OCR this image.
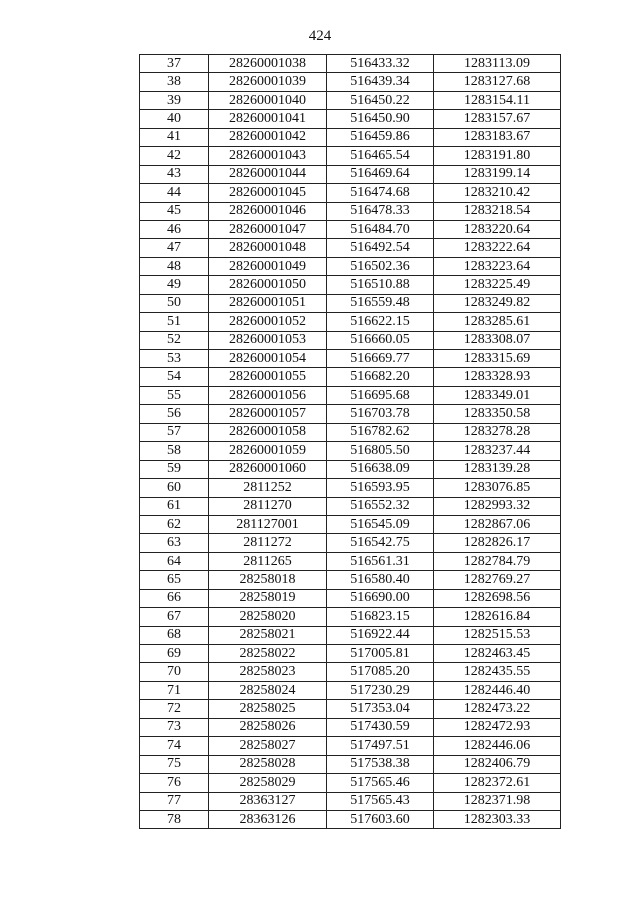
424
37	28260001038	516433.32	1283113.09
38	28260001039	516439.34	1283127.68
39	28260001040	516450.22	1283154.11
40	28260001041	516450.90	1283157.67
41	28260001042	516459.86	1283183.67
42	28260001043	516465.54	1283191.80
43	28260001044	516469.64	1283199.14
44	28260001045	516474.68	1283210.42
45	28260001046	516478.33	1283218.54
46	28260001047	516484.70	1283220.64
47	28260001048	516492.54	1283222.64
48	28260001049	516502.36	1283223.64
49	28260001050	516510.88	1283225.49
50	28260001051	516559.48	1283249.82
51	28260001052	516622.15	1283285.61
52	28260001053	516660.05	1283308.07
53	28260001054	516669.77	1283315.69
54	28260001055	516682.20	1283328.93
55	28260001056	516695.68	1283349.01
56	28260001057	516703.78	1283350.58
57	28260001058	516782.62	1283278.28
58	28260001059	516805.50	1283237.44
59	28260001060	516638.09	1283139.28
60	2811252	516593.95	1283076.85
61	2811270	516552.32	1282993.32
62	281127001	516545.09	1282867.06
63	2811272	516542.75	1282826.17
64	2811265	516561.31	1282784.79
65	28258018	516580.40	1282769.27
66	28258019	516690.00	1282698.56
67	28258020	516823.15	1282616.84
68	28258021	516922.44	1282515.53
69	28258022	517005.81	1282463.45
70	28258023	517085.20	1282435.55
71	28258024	517230.29	1282446.40
72	28258025	517353.04	1282473.22
73	28258026	517430.59	1282472.93
74	28258027	517497.51	1282446.06
75	28258028	517538.38	1282406.79
76	28258029	517565.46	1282372.61
77	28363127	517565.43	1282371.98
78	28363126	517603.60	1282303.33
